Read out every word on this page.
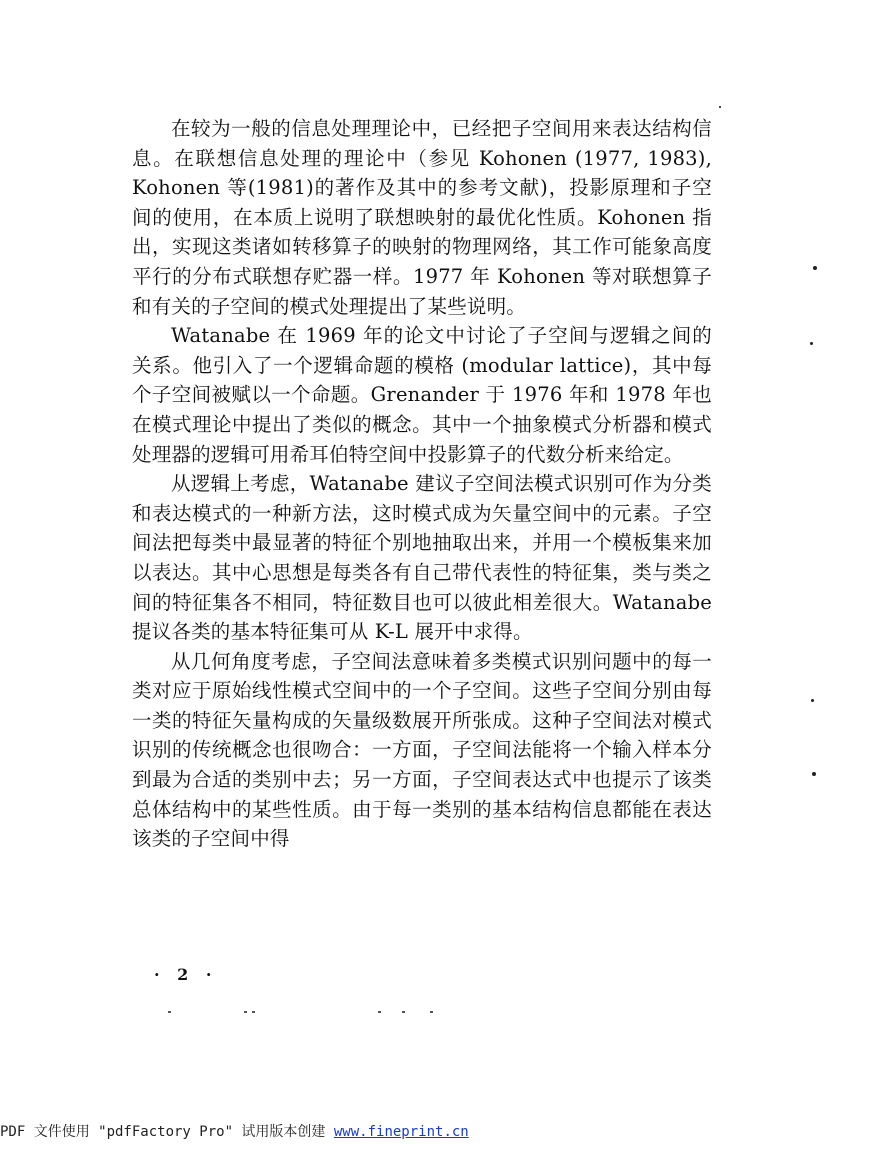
在较为一般的信息处理理论中，已经把子空间用来表达结构信息。在联想信息处理的理论中（参见 Kohonen (1977, 1983), Kohonen 等(1981)的著作及其中的参考文献)，投影原理和子空间的使用，在本质上说明了联想映射的最优化性质。Kohonen 指出，实现这类诸如转移算子的映射的物理网络，其工作可能象高度平行的分布式联想存贮器一样。1977 年 Kohonen 等对联想算子和有关的子空间的模式处理提出了某些说明。

Watanabe 在 1969 年的论文中讨论了子空间与逻辑之间的关系。他引入了一个逻辑命题的模格 (modular lattice)，其中每个子空间被赋以一个命题。Grenander 于 1976 年和 1978 年也在模式理论中提出了类似的概念。其中一个抽象模式分析器和模式处理器的逻辑可用希耳伯特空间中投影算子的代数分析来给定。

从逻辑上考虑，Watanabe 建议子空间法模式识别可作为分类和表达模式的一种新方法，这时模式成为矢量空间中的元素。子空间法把每类中最显著的特征个别地抽取出来，并用一个模板集来加以表达。其中心思想是每类各有自己带代表性的特征集，类与类之间的特征集各不相同，特征数目也可以彼此相差很大。Watanabe 提议各类的基本特征集可从 K-L 展开中求得。

从几何角度考虑，子空间法意味着多类模式识别问题中的每一类对应于原始线性模式空间中的一个子空间。这些子空间分别由每一类的特征矢量构成的矢量级数展开所张成。这种子空间法对模式识别的传统概念也很吻合：一方面，子空间法能将一个输入样本分到最为合适的类别中去；另一方面，子空间表达式中也提示了该类总体结构中的某些性质。由于每一类别的基本结构信息都能在表达该类的子空间中得

· 2 ·
PDF 文件使用 "pdfFactory Pro" 试用版本创建 www.fineprint.cn
